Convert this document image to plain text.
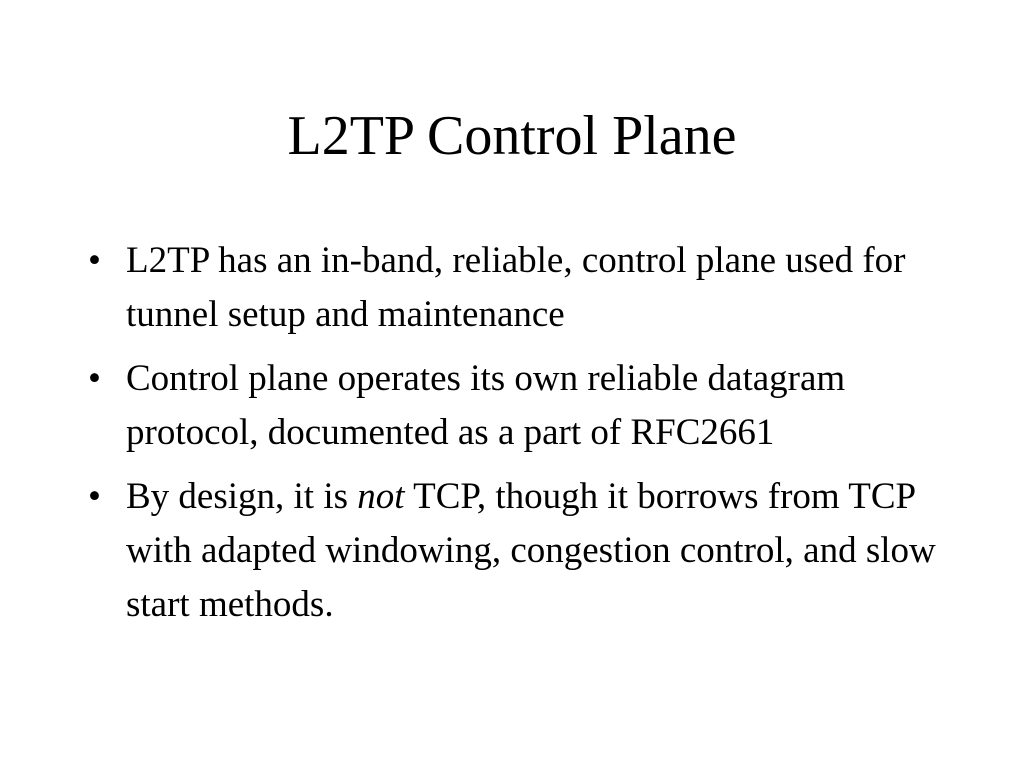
L2TP Control Plane
• L2TP has an in-band, reliable, control plane used for tunnel setup and maintenance
• Control plane operates its own reliable datagram protocol, documented as a part of RFC2661
• By design, it is not TCP, though it borrows from TCP with adapted windowing, congestion control, and slow start methods.
